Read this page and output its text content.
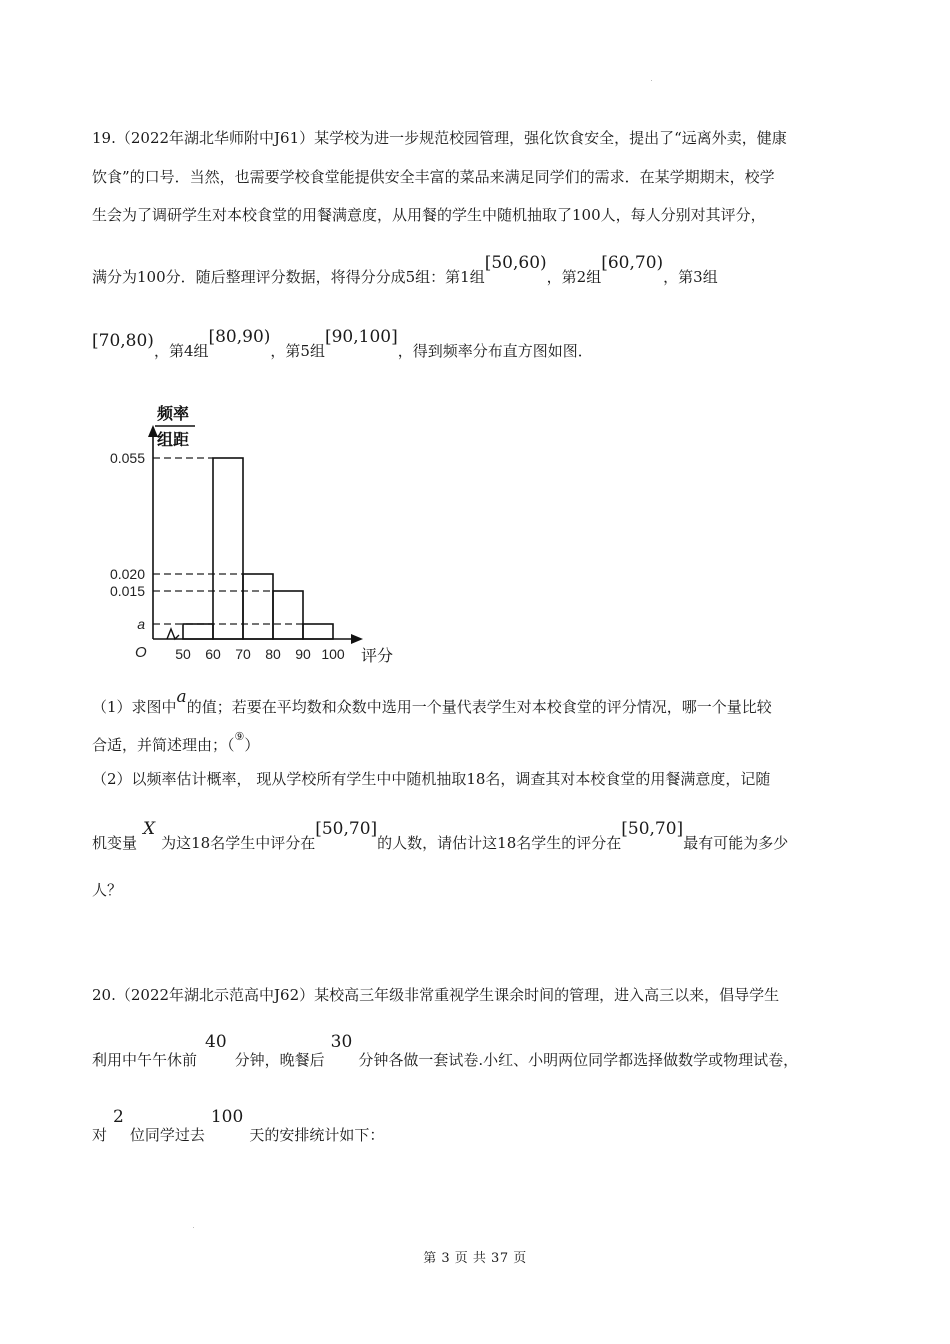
19.（2022年湖北华师附中J61）某学校为进一步规范校园管理，强化饮食安全，提出了“远离外卖，健康
饮食”的口号．当然，也需要学校食堂能提供安全丰富的菜品来满足同学们的需求．在某学期期末，校学
生会为了调研学生对本校食堂的用餐满意度，从用餐的学生中随机抽取了100人，每人分别对其评分，
满分为100分．随后整理评分数据，将得分分成5组：第1组[50,60)，第2组[60,70)，第3组
[70,80)，第4组[80,90)，第5组[90,100]，得到频率分布直方图如图．
0.055
0.020
0.015
a
频率
组距
50 60 70 80 90 100
O	评分
（1）求图中a的值；若要在平均数和众数中选用一个量代表学生对本校食堂的评分情况，哪一个量比较
合适，并简述理由；（⑨）
（2）以频率估计概率， 现从学校所有学生中中随机抽取18名，调查其对本校食堂的用餐满意度，记随
机变量X为这18名学生中评分在[50,70]的人数，请估计这18名学生的评分在[50,70]最有可能为多少
人？
20.（2022年湖北示范高中J62）某校高三年级非常重视学生课余时间的管理，进入高三以来，倡导学生
利用中午午休前40分钟，晚餐后30分钟各做一套试卷.小红、小明两位同学都选择做数学或物理试卷，
对2位同学过去100天的安排统计如下：
第 3 页 共 37 页
